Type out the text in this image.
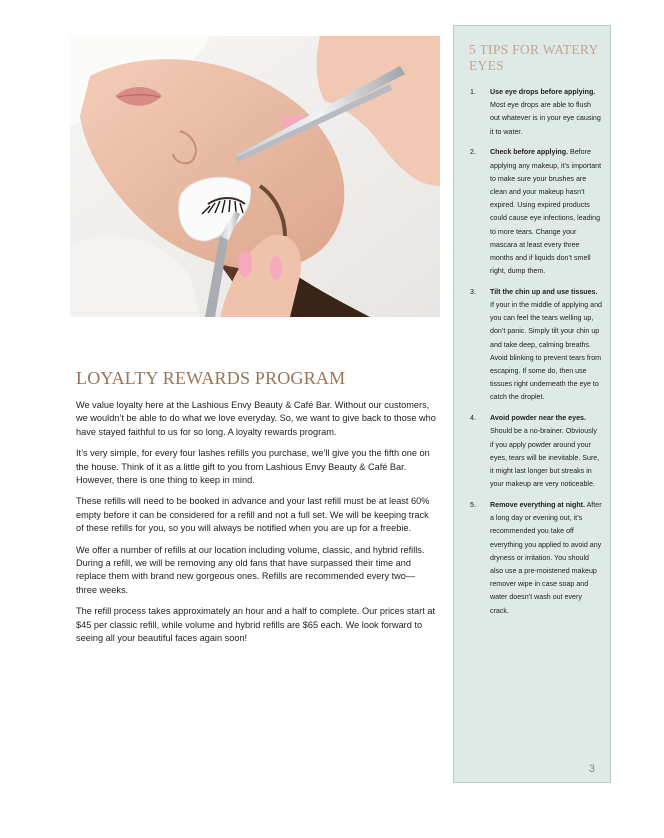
LOYALTY REWARDS PROGRAM

We value loyalty here at the Lashious Envy Beauty & Café Bar. Without our customers, we wouldn’t be able to do what we love everyday. So, we want to give back to those who have stayed faithful to us for so long. A loyalty rewards program.

It’s very simple, for every four lashes refills you purchase, we’ll give you the fifth one on the house. Think of it as a little gift to you from Lashious Envy Beauty & Café Bar. However, there is one thing to keep in mind.

These refills will need to be booked in advance and your last refill must be at least 60% empty before it can be considered for a refill and not a full set. We will be keeping track of these refills for you, so you will always be notified when you are up for a freebie.

We offer a number of refills at our location including volume, classic, and hybrid refills. During a refill, we will be removing any old fans that have surpassed their time and replace them with brand new gorgeous ones. Refills are recommended every two—three weeks.

The refill process takes approximately an hour and a half to complete. Our prices start at $45 per classic refill, while volume and hybrid refills are $65 each. We look forward to seeing all your beautiful faces again soon!

5 TIPS FOR WATERY EYES
1. Use eye drops before applying. Most eye drops are able to flush out whatever is in your eye causing it to water.
2. Check before applying. Before applying any makeup, it’s important to make sure your brushes are clean and your makeup hasn’t expired. Using expired products could cause eye infections, leading to more tears. Change your mascara at least every three months and if liquids don’t smell right, dump them.
3. Tilt the chin up and use tissues. If your in the middle of applying and you can feel the tears welling up, don’t panic. Simply tilt your chin up and take deep, calming breaths. Avoid blinking to prevent tears from escaping. If some do, then use tissues right underneath the eye to catch the droplet.
4. Avoid powder near the eyes. Should be a no-brainer. Obviously if you apply powder around your eyes, tears will be inevitable. Sure, it might last longer but streaks in your makeup are very noticeable.
5. Remove everything at night. After a long day or evening out, it’s recommended you take off everything you applied to avoid any dryness or irritation. You should also use a pre-moistened makeup remover wipe in case soap and water doesn’t wash out every crack.
3
